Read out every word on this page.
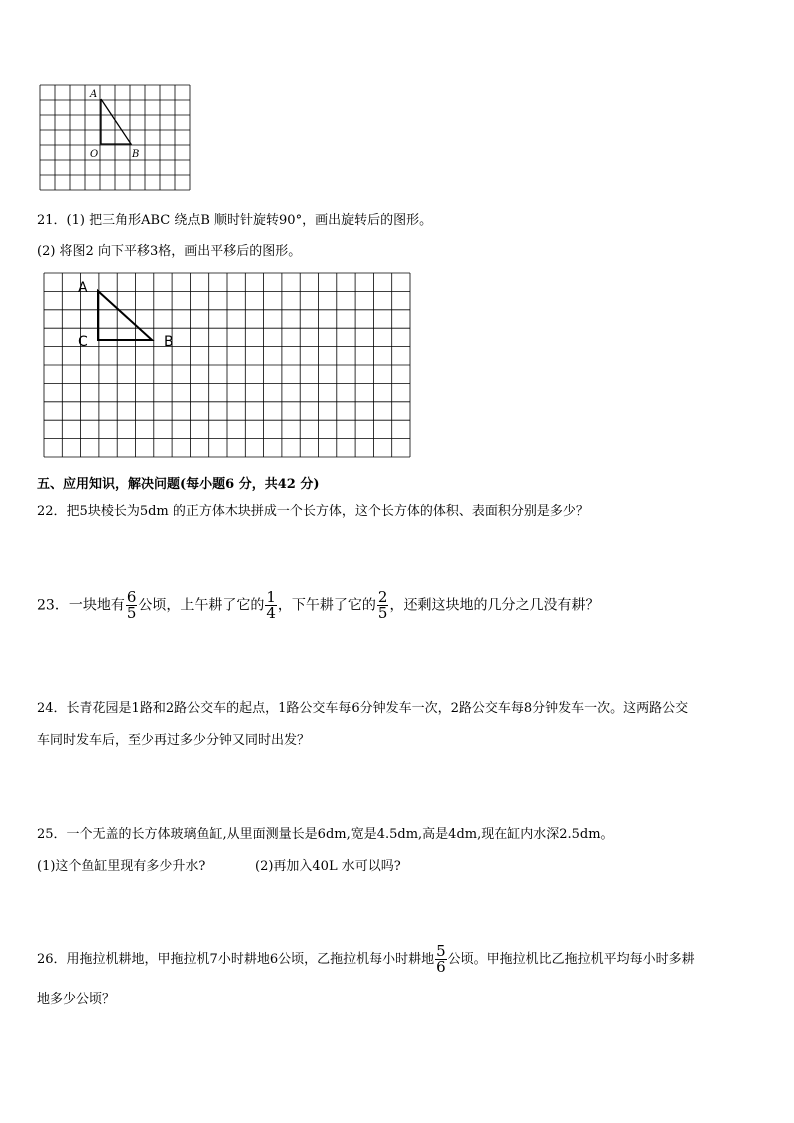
A
O	B
21．(1) 把三角形ABC 绕点B 顺时针旋转90°，画出旋转后的图形。
(2) 将图2 向下平移3格，画出平移后的图形。
A
C	B
五、应用知识，解决问题(每小题6 分，共42 分)
22．把5块棱长为5dm 的正方体木块拼成一个长方体，这个长方体的体积、表面积分别是多少？
23．一块地有 $\frac{6}{5}$ 公顷，上午耕了它的 $\frac{1}{4}$ ，下午耕了它的 $\frac{2}{5}$ ，还剩这块地的几分之几没有耕？
24．长青花园是1路和2路公交车的起点，1路公交车每6分钟发车一次，2路公交车每8分钟发车一次。这两路公交
车同时发车后，至少再过多少分钟又同时出发？
25．一个无盖的长方体玻璃鱼缸,从里面测量长是6dm,宽是4.5dm,高是4dm,现在缸内水深2.5dm。
(1)这个鱼缸里现有多少升水?	(2)再加入40L 水可以吗?
26．用拖拉机耕地，甲拖拉机7小时耕地6公顷，乙拖拉机每小时耕地 $\frac{5}{6}$ 公顷。甲拖拉机比乙拖拉机平均每小时多耕
地多少公顷？
